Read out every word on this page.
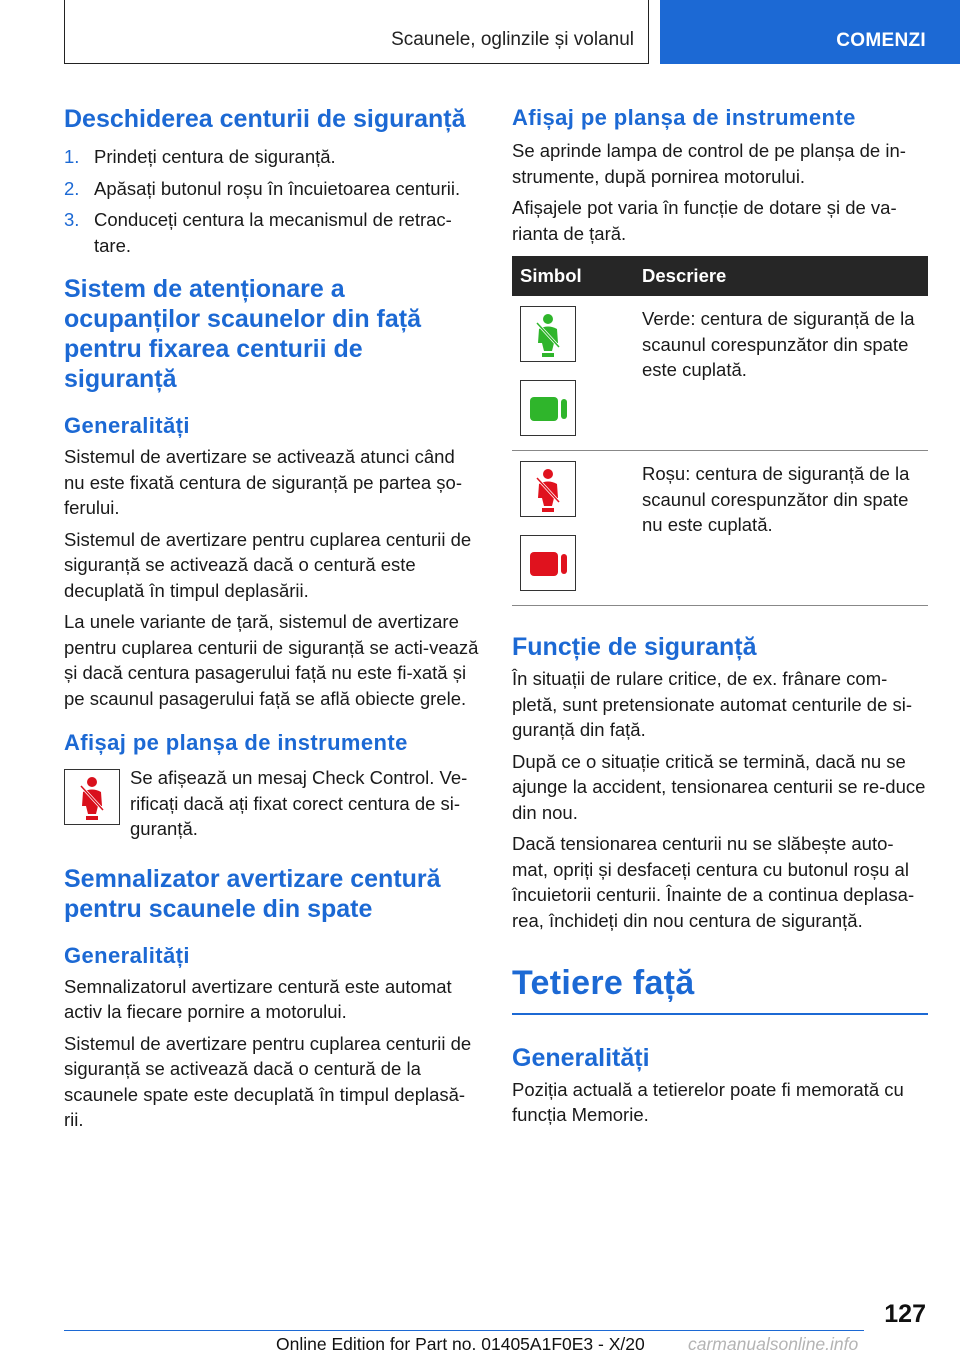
Scaunele, oglinzile și volanul	COMENZI
Deschiderea centurii de siguranță
1. Prindeți centura de siguranță.
2. Apăsați butonul roșu în încuietoarea centurii.
3. Conduceți centura la mecanismul de retrac-tare.
Sistem de atenționare a ocupanților scaunelor din față pentru fixarea centurii de siguranță
Generalități

Sistemul de avertizare se activează atunci când nu este fixată centura de siguranță pe partea șo-ferului.

Sistemul de avertizare pentru cuplarea centurii de siguranță se activează dacă o centură este decuplată în timpul deplasării.

La unele variante de țară, sistemul de avertizare pentru cuplarea centurii de siguranță se acti-vează și dacă centura pasagerului față nu este fi-xată și pe scaunul pasagerului față se află obiecte grele.

Afișaj pe planșa de instrumente

Se afișează un mesaj Check Control. Ve-rificați dacă ați fixat corect centura de si-guranță.

Semnalizator avertizare centură pentru scaunele din spate
Generalități

Semnalizatorul avertizare centură este automat activ la fiecare pornire a motorului.

Sistemul de avertizare pentru cuplarea centurii de siguranță se activează dacă o centură de la scaunele spate este decuplată în timpul deplasă-rii.

Afișaj pe planșa de instrumente

Se aprinde lampa de control de pe planșa de in-strumente, după pornirea motorului.

Afișajele pot varia în funcție de dotare și de va-rianta de țară.

Simbol	Descriere

Verde: centura de siguranță de la scaunul corespunzător din spate este cuplată.

Roșu: centura de siguranță de la scaunul corespunzător din spate nu este cuplată.

Funcție de siguranță

În situații de rulare critice, de ex. frânare com-pletă, sunt pretensionate automat centurile de si-guranță din față.

După ce o situație critică se termină, dacă nu se ajunge la accident, tensionarea centurii se re-duce din nou.

Dacă tensionarea centurii nu se slăbește auto-mat, opriți și desfaceți centura cu butonul roșu al încuietorii centurii. Înainte de a continua deplasa-rea, închideți din nou centura de siguranță.

Tetiere față
Generalități

Poziția actuală a tetierelor poate fi memorată cu funcția Memorie.

127
Online Edition for Part no. 01405A1F0E3 - X/20 carmanualsonline.info
